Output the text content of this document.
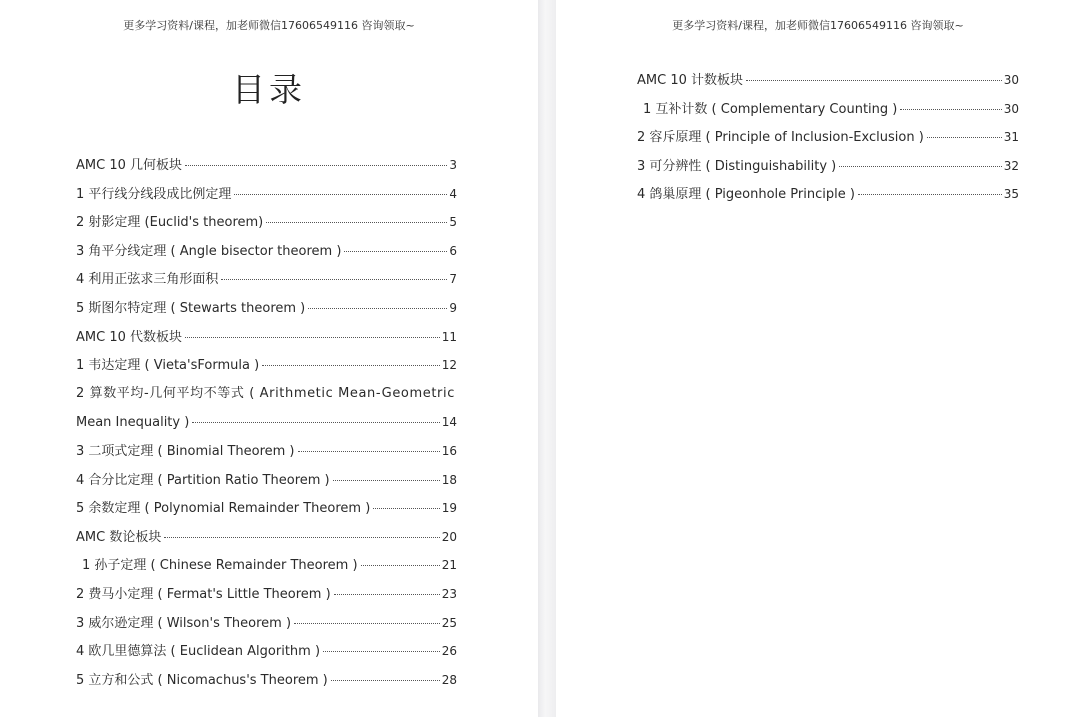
更多学习资料/课程，加老师微信17606549116 咨询领取~
目录
AMC 10 几何板块	3
1 平行线分线段成比例定理	4
2 射影定理 (Euclid's theorem)	5
3 角平分线定理 ( Angle bisector theorem )	6
4 利用正弦求三角形面积	7
5 斯图尔特定理 ( Stewarts theorem )	9
AMC 10 代数板块	11
1 韦达定理 ( Vieta'sFormula )	12
2 算数平均-几何平均不等式 ( Arithmetic Mean-Geometric
Mean Inequality )	14
3 二项式定理 ( Binomial Theorem )	16
4 合分比定理 ( Partition Ratio Theorem )	18
5 余数定理 ( Polynomial Remainder Theorem )	19
AMC 数论板块	20
1 孙子定理 ( Chinese Remainder Theorem )	21
2 费马小定理 ( Fermat's Little Theorem )	23
3 威尔逊定理 ( Wilson's Theorem )	25
4 欧几里德算法 ( Euclidean Algorithm )	26
5 立方和公式 ( Nicomachus's Theorem )	28
更多学习资料/课程，加老师微信17606549116 咨询领取~
AMC 10 计数板块	30
1 互补计数 ( Complementary Counting )	30
2 容斥原理 ( Principle of Inclusion-Exclusion )	31
3 可分辨性 ( Distinguishability )	32
4 鸽巢原理 ( Pigeonhole Principle )	35
